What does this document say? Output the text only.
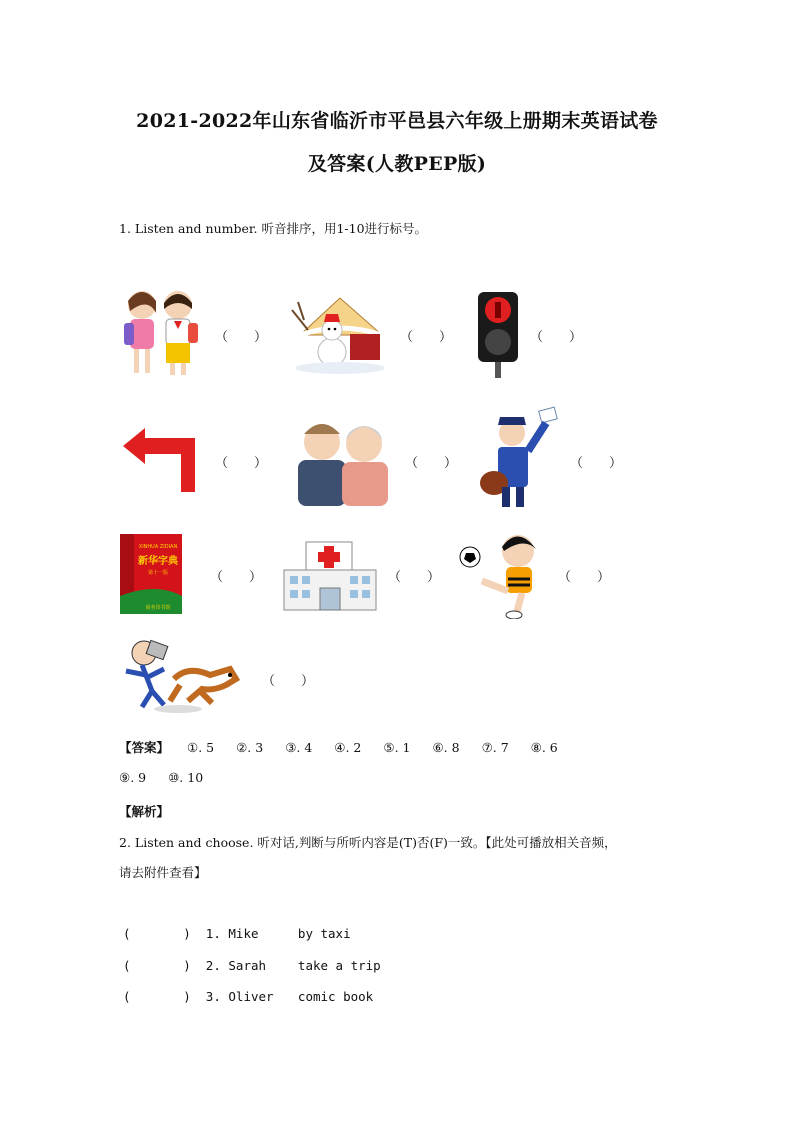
2021-2022年山东省临沂市平邑县六年级上册期末英语试卷
及答案(人教PEP版)
1. Listen and number. 听音排序，用1-10进行标号。
（ ）	（ ）	（ ）
（ ）	（ ）	（ ）
XINHUA ZIDIAN
新华字典
第十一版
商务印书馆
（ ）	（ ）	（ ）
（ ）
【答案】 ①. 5 ②. 3 ③. 4 ④. 2 ⑤. 1 ⑥. 8 ⑦. 7 ⑧. 6
⑨. 9 ⑩. 10
【解析】
2. Listen and choose. 听对话,判断与所听内容是(T)否(F)一致。【此处可播放相关音频，
请去附件查看】
(       ) 1. Mike	by taxi
(       ) 2. Sarah	take a trip
(       ) 3. Oliver comic book
